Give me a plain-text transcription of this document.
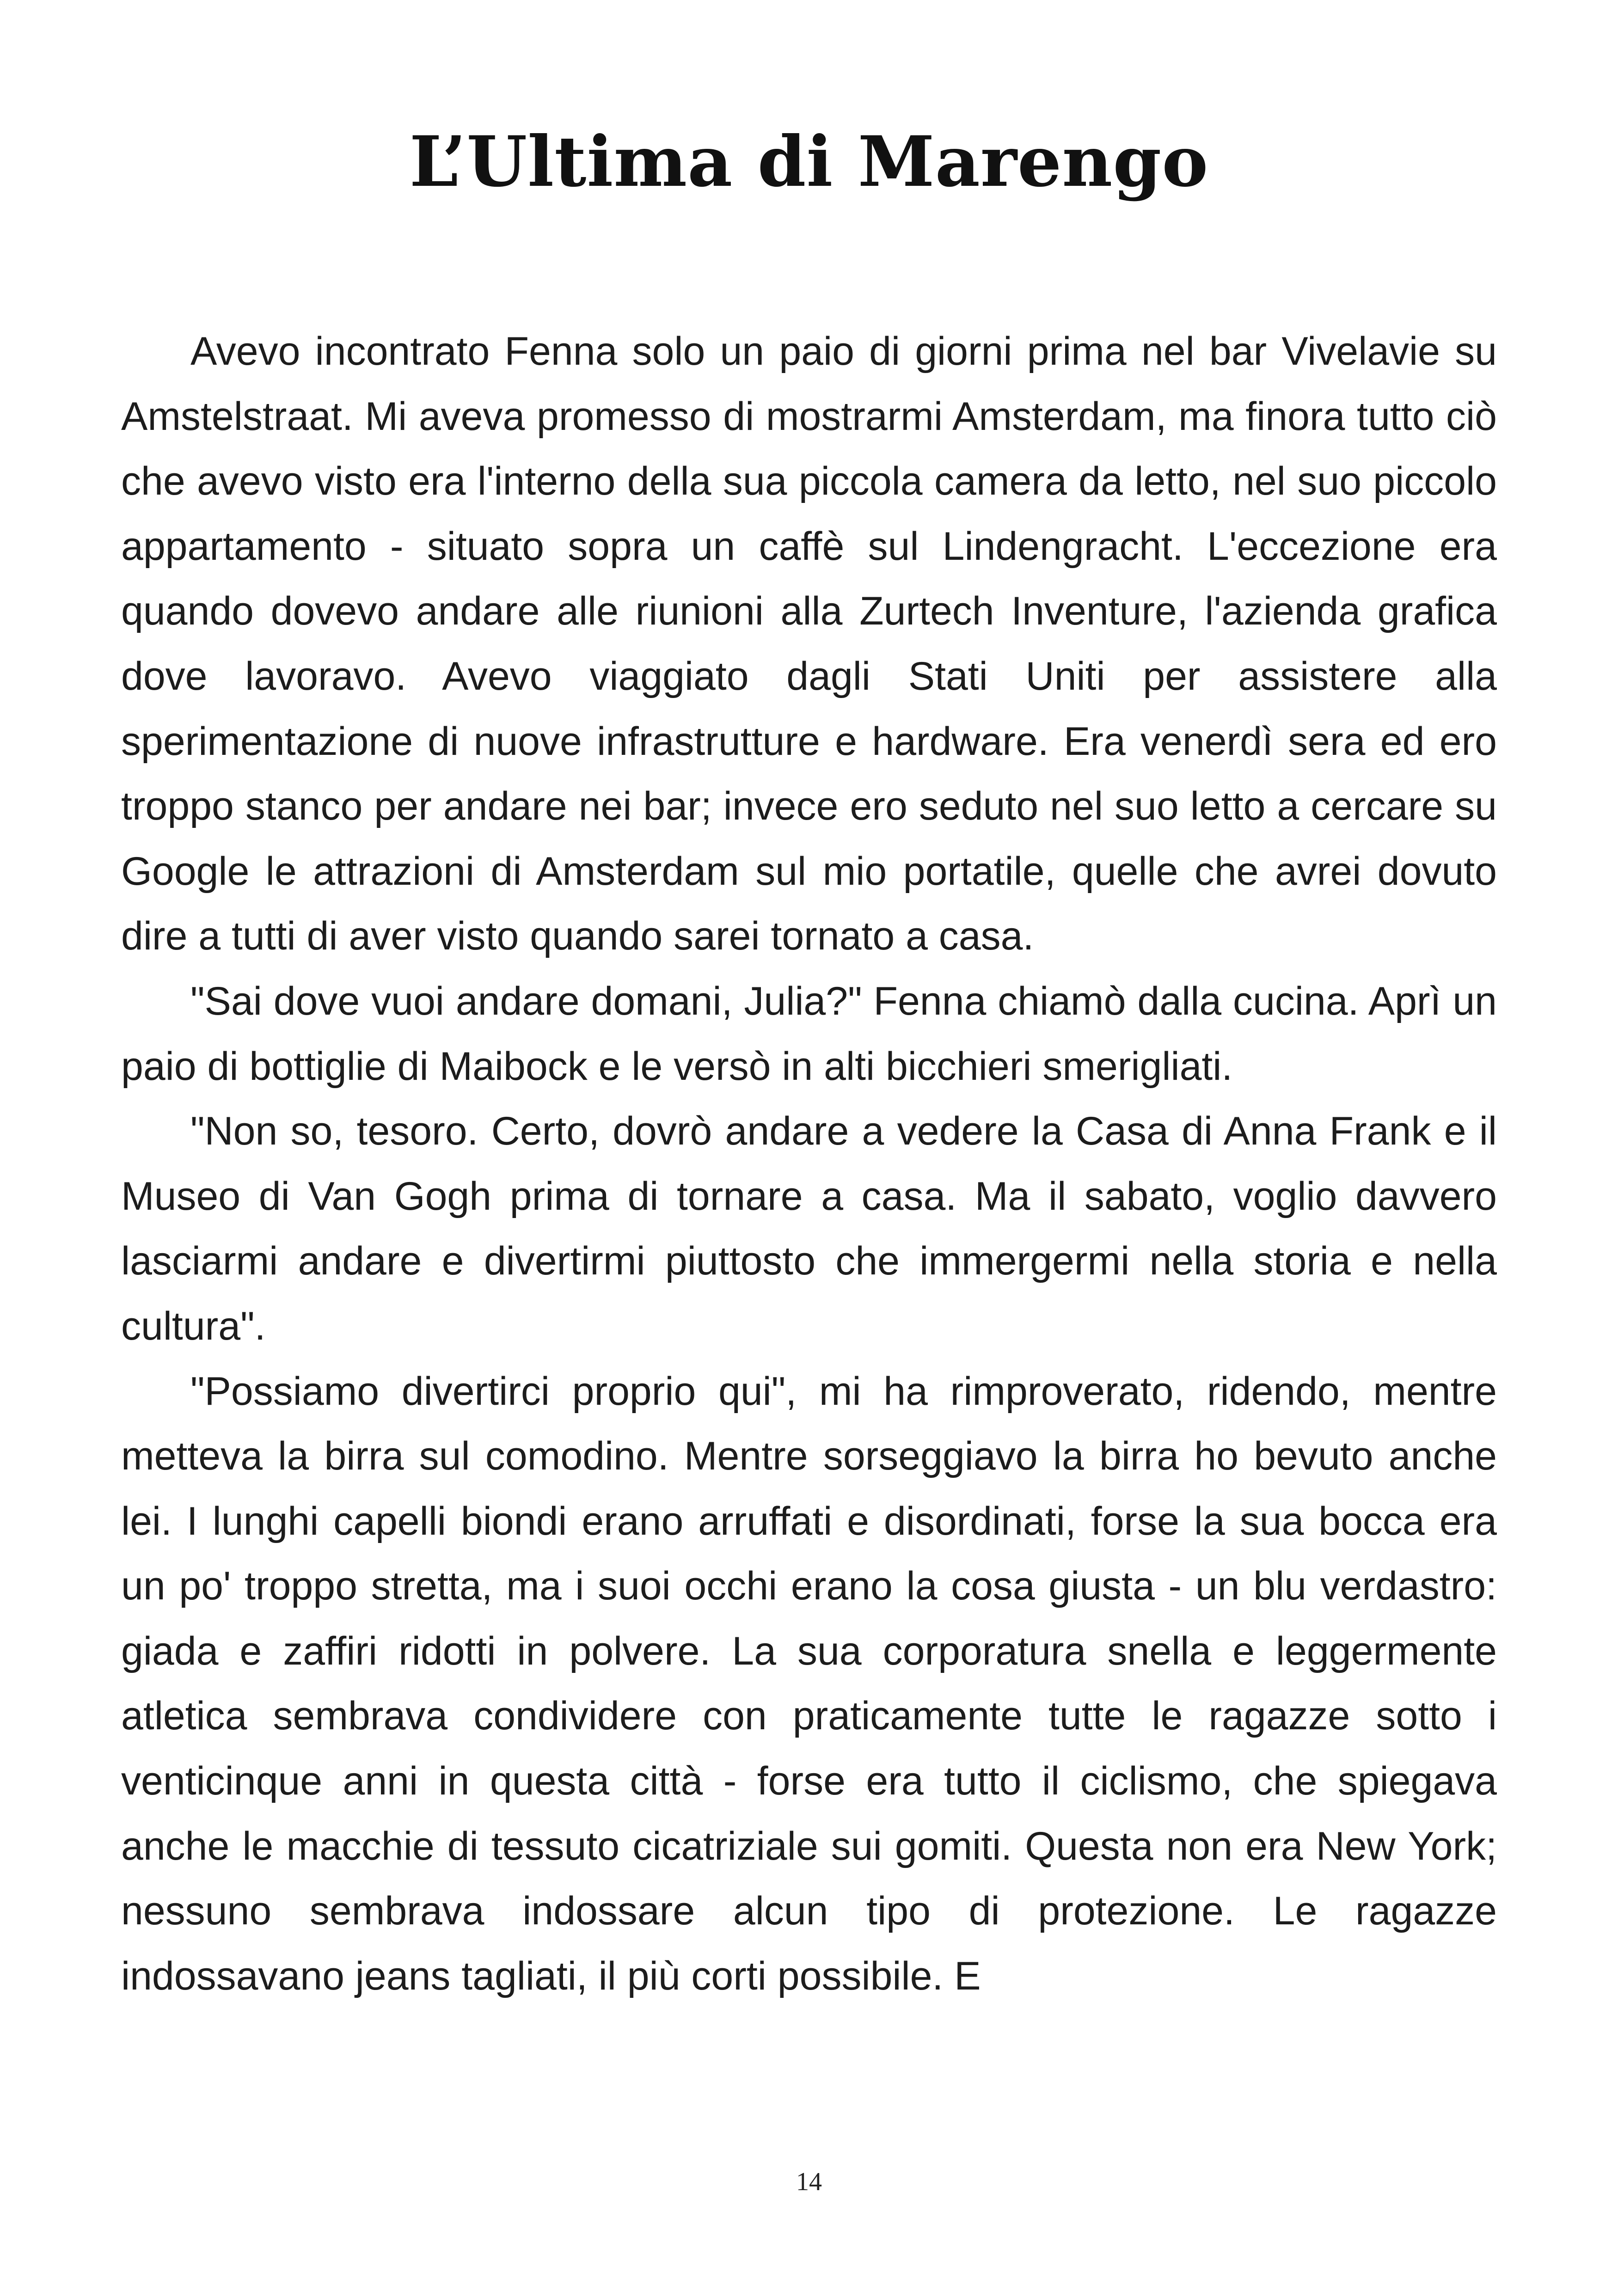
L’Ultima di Marengo

Avevo incontrato Fenna solo un paio di giorni prima nel bar Vivelavie su Amstelstraat. Mi aveva promesso di mostrarmi Amsterdam, ma finora tutto ciò che avevo visto era l'interno della sua piccola camera da letto, nel suo piccolo appartamento - situato sopra un caffè sul Lindengracht. L'eccezione era quando dovevo andare alle riunioni alla Zurtech Inventure, l'azienda grafica dove lavoravo. Avevo viaggiato dagli Stati Uniti per assistere alla sperimentazione di nuove infrastrutture e hardware. Era venerdì sera ed ero troppo stanco per andare nei bar; invece ero seduto nel suo letto a cercare su Google le attrazioni di Amsterdam sul mio portatile, quelle che avrei dovuto dire a tutti di aver visto quando sarei tornato a casa.

"Sai dove vuoi andare domani, Julia?" Fenna chiamò dalla cucina. Aprì un paio di bottiglie di Maibock e le versò in alti bicchieri smerigliati.

"Non so, tesoro. Certo, dovrò andare a vedere la Casa di Anna Frank e il Museo di Van Gogh prima di tornare a casa. Ma il sabato, voglio davvero lasciarmi andare e divertirmi piuttosto che immergermi nella storia e nella cultura".

"Possiamo divertirci proprio qui", mi ha rimproverato, ridendo, mentre metteva la birra sul comodino. Mentre sorseggiavo la birra ho bevuto anche lei. I lunghi capelli biondi erano arruffati e disordinati, forse la sua bocca era un po' troppo stretta, ma i suoi occhi erano la cosa giusta - un blu verdastro: giada e zaffiri ridotti in polvere. La sua corporatura snella e leggermente atletica sembrava condividere con praticamente tutte le ragazze sotto i venticinque anni in questa città - forse era tutto il ciclismo, che spiegava anche le macchie di tessuto cicatriziale sui gomiti. Questa non era New York; nessuno sembrava indossare alcun tipo di protezione. Le ragazze indossavano jeans tagliati, il più corti possibile. E

14
